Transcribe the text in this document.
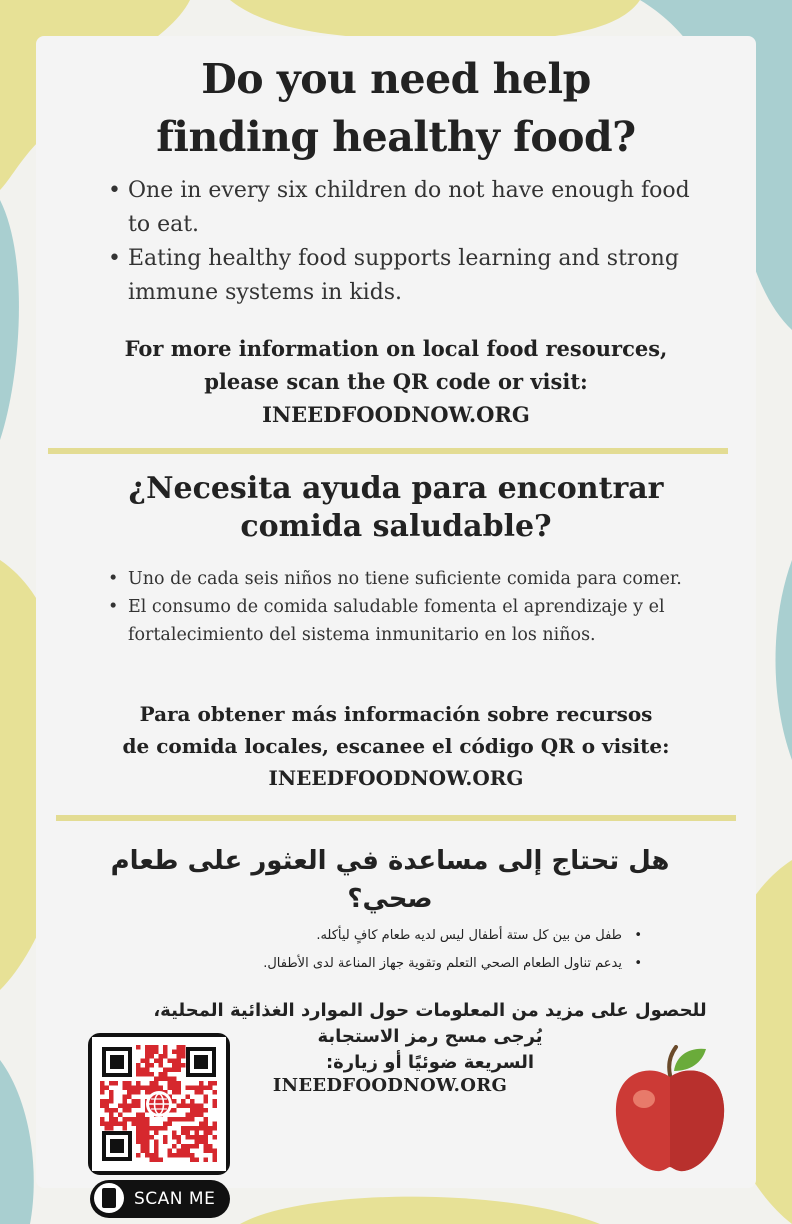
Do you need help
finding healthy food?
• One in every six children do not have enough food to eat.
• Eating healthy food supports learning and strong immune systems in kids.
For more information on local food resources,
please scan the QR code or visit:
INEEDFOODNOW.ORG
¿Necesita ayuda para encontrar
comida saludable?
• Uno de cada seis niños no tiene suficiente comida para comer.
• El consumo de comida saludable fomenta el aprendizaje y el fortalecimiento del sistema inmunitario en los niños.
Para obtener más información sobre recursos
de comida locales, escanee el código QR o visite:
INEEDFOODNOW.ORG
هل تحتاج إلى مساعدة في العثور على طعام صحي؟
•
طفل من بين كل ستة أطفال ليس لديه طعام كافٍ ليأكله.
•
يدعم تناول الطعام الصحي التعلم وتقوية جهاز المناعة لدى الأطفال.
للحصول على مزيد من المعلومات حول الموارد الغذائية المحلية،
يُرجى مسح رمز الاستجابة
السريعة ضوئيًا أو زيارة:
INEEDFOODNOW.ORG
SCAN ME
